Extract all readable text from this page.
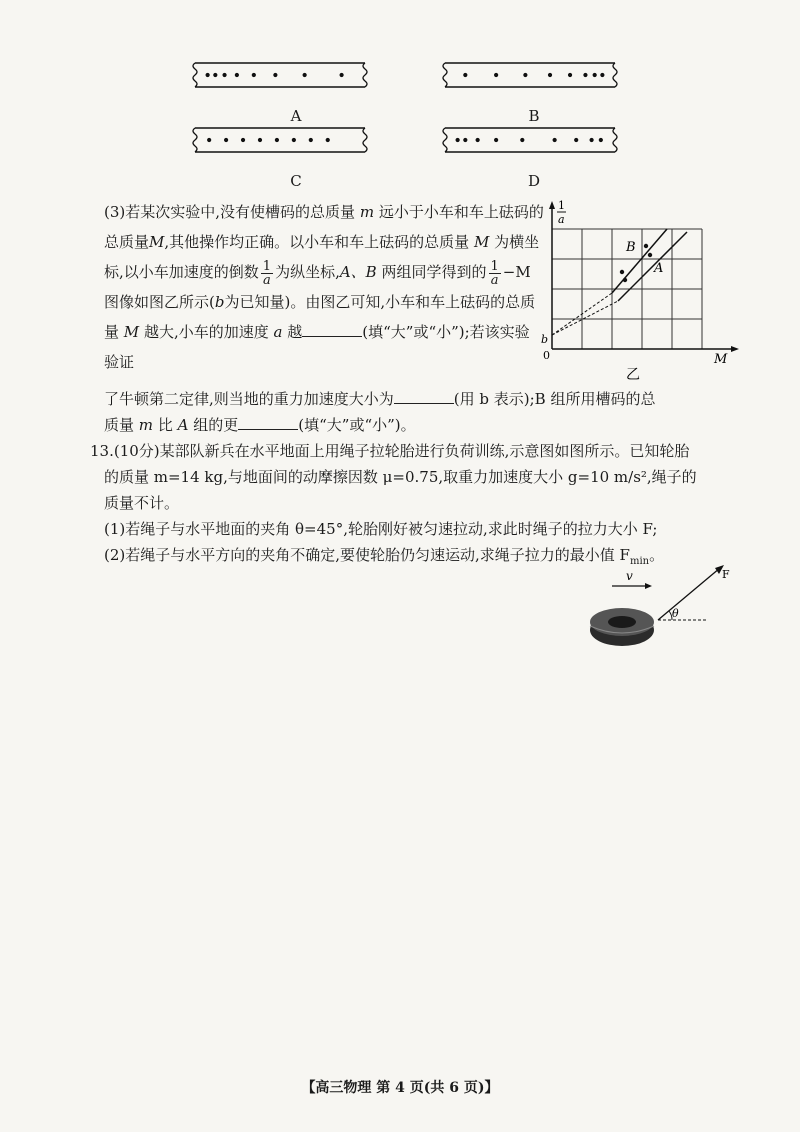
A	B
C	D
(3)若某次实验中,没有使槽码的总质量 m 远小于小车和车上砝码的总质量M,其他操作均正确。以小车和车上砝码的总质量 M 为横坐标,以小车加速度的倒数 $\frac{1}{a}$ 为纵坐标,A、B 两组同学得到的 $\frac{1}{a} -M$ 图像如图乙所示(b为已知量)。由图乙可知,小车和车上砝码的总质量 M 越大,小车的加速度 a 越	(填“大”或“小”);若该实验验证
了牛顿第二定律,则当地的重力加速度大小为	(用 b 表示);B 组所用槽码的总
质量 m 比 A 组的更	(填“大”或“小”)。
1
a
M
0
b
B
A
乙
13.(10分)某部队新兵在水平地面上用绳子拉轮胎进行负荷训练,示意图如图所示。已知轮胎
的质量 m=14 kg,与地面间的动摩擦因数 μ=0.75,取重力加速度大小 g=10 m/s²,绳子的
质量不计。
(1)若绳子与水平地面的夹角 θ=45°,轮胎刚好被匀速拉动,求此时绳子的拉力大小 F;
(2)若绳子与水平方向的夹角不确定,要使轮胎仍匀速运动,求绳子拉力的最小值 $F_{min}$。
v	F
θ
【高三物理 第 4 页(共 6 页)】
